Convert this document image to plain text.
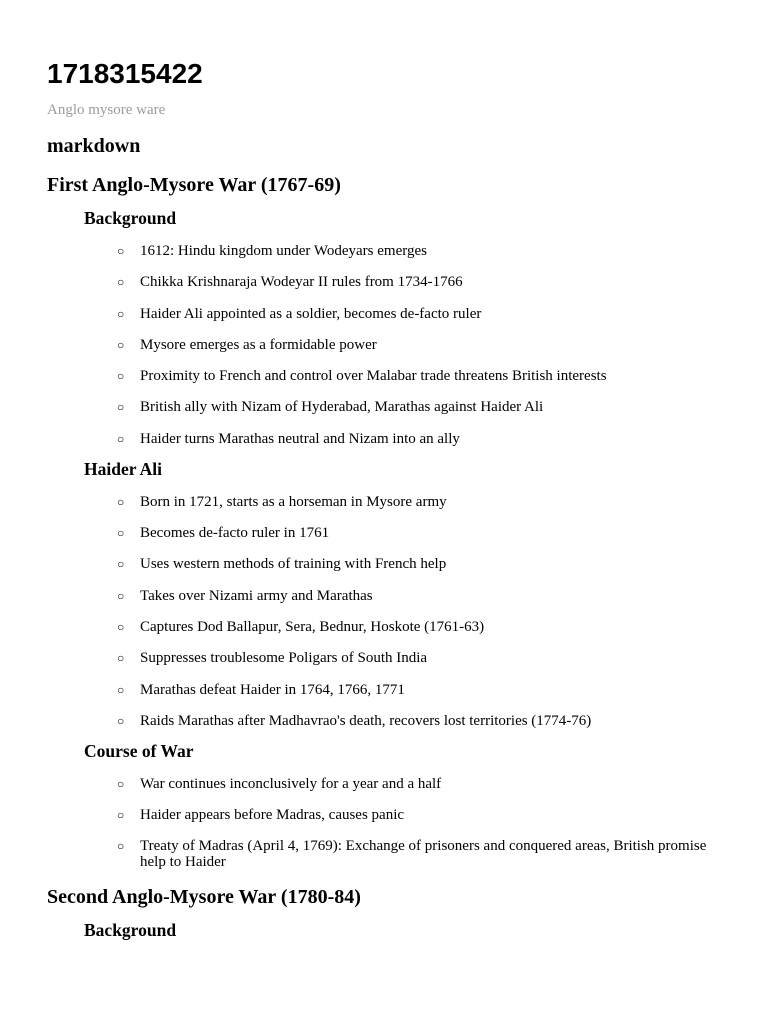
1718315422
Anglo mysore ware
markdown
First Anglo-Mysore War (1767-69)
Background
○ 1612: Hindu kingdom under Wodeyars emerges
○ Chikka Krishnaraja Wodeyar II rules from 1734-1766
○ Haider Ali appointed as a soldier, becomes de-facto ruler
○ Mysore emerges as a formidable power
○ Proximity to French and control over Malabar trade threatens British interests
○ British ally with Nizam of Hyderabad, Marathas against Haider Ali
○ Haider turns Marathas neutral and Nizam into an ally
Haider Ali
○ Born in 1721, starts as a horseman in Mysore army
○ Becomes de-facto ruler in 1761
○ Uses western methods of training with French help
○ Takes over Nizami army and Marathas
○ Captures Dod Ballapur, Sera, Bednur, Hoskote (1761-63)
○ Suppresses troublesome Poligars of South India
○ Marathas defeat Haider in 1764, 1766, 1771
○ Raids Marathas after Madhavrao's death, recovers lost territories (1774-76)
Course of War
○ War continues inconclusively for a year and a half
○ Haider appears before Madras, causes panic
○ Treaty of Madras (April 4, 1769): Exchange of prisoners and conquered areas, British promise help to Haider
Second Anglo-Mysore War (1780-84)
Background
